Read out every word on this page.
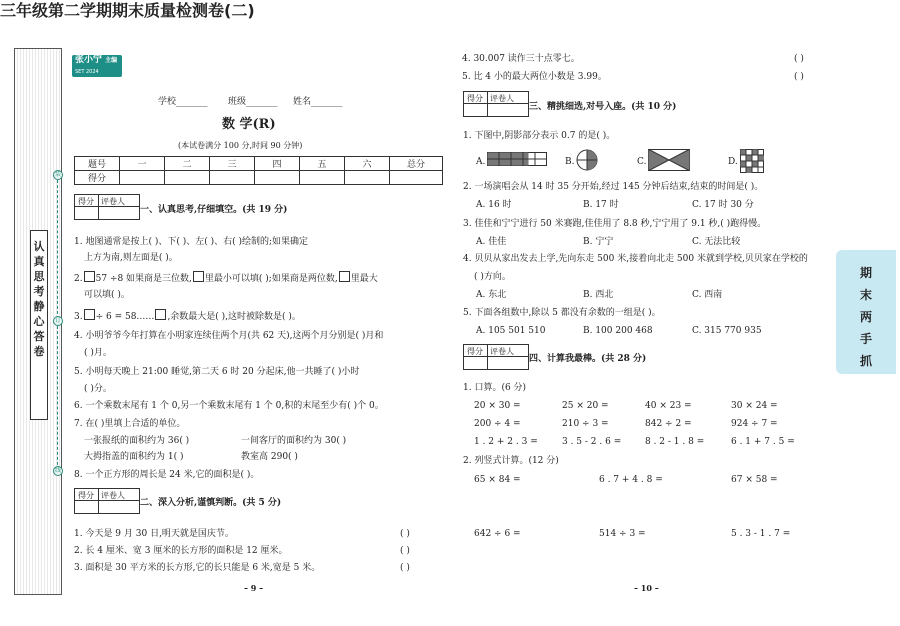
装
订
线
认真思考静心答卷
张小宁 主编
SET 2024
三年级第二学期期末质量检测卷(二)
学校_______ 班级_______ 姓名_______
数 学(R)
(本试卷满分 100 分,时间 90 分钟)
题号	一	二	三	四	五	六	总分
得分							
得分 评卷人
一、认真思考,仔细填空。(共 19 分)
1. 地图通常是按上( )、下( )、左( )、右( )绘制的;如果确定
上方为南,则左面是( )。
2. 57 ÷8 如果商是三位数, 里最小可以填( );如果商是两位数, 里最大
可以填( )。
3. ÷ 6 = 58…… ,余数最大是( ),这时被除数是( )。
4. 小明爷爷今年打算在小明家连续住两个月(共 62 天),这两个月分别是( )月和
( )月。
5. 小明每天晚上 21:00 睡觉,第二天 6 时 20 分起床,他一共睡了( )小时
( )分。
6. 一个乘数末尾有 1 个 0,另一个乘数末尾有 1 个 0,积的末尾至少有( )个 0。
7. 在( )里填上合适的单位。
一张报纸的面积约为 36( )	一间客厅的面积约为 30( )
大拇指盖的面积约为 1( )	教室高 290( )
8. 一个正方形的周长是 24 米,它的面积是( )。
得分 评卷人
二、深入分析,谨慎判断。(共 5 分)
1. 今天是 9 月 30 日,明天就是国庆节。	( )
2. 长 4 厘米、宽 3 厘米的长方形的面积是 12 厘米。	( )
3. 面积是 30 平方米的长方形,它的长只能是 6 米,宽是 5 米。	( )
– 9 –
4. 30.007 读作三十点零七。	( )
5. 比 4 小的最大两位小数是 3.99。	( )
得分 评卷人
三、精挑细选,对号入座。(共 10 分)
1. 下图中,阴影部分表示 0.7 的是( )。
A.	B.	C.	D.
2. 一场演唱会从 14 时 35 分开始,经过 145 分钟后结束,结束的时间是( )。
A. 16 时	B. 17 时	C. 17 时 30 分
3. 佳佳和宁宁进行 50 米赛跑,佳佳用了 8.8 秒,宁宁用了 9.1 秒,( )跑得慢。
A. 佳佳	B. 宁宁	C. 无法比较
4. 贝贝从家出发去上学,先向东走 500 米,接着向北走 500 米就到学校,贝贝家在学校的
( )方向。
A. 东北	B. 西北	C. 西南
5. 下面各组数中,除以 5 都没有余数的一组是( )。
A. 105 501 510	B. 100 200 468	C. 315 770 935
得分 评卷人
四、计算我最棒。(共 28 分)
1. 口算。(6 分)
20 × 30 =	25 × 20 =	40 × 23 =	30 × 24 =
200 ÷ 4 =	210 ÷ 3 =	842 ÷ 2 =	924 ÷ 7 =
1 . 2 + 2 . 3 =	3 . 5 - 2 . 6 =	8 . 2 - 1 . 8 =	6 . 1 + 7 . 5 =
2. 列竖式计算。(12 分)
65 × 84 =	6 . 7 + 4 . 8 =	67 × 58 =
642 ÷ 6 =	514 ÷ 3 =	5 . 3 - 1 . 7 =
– 10 –
期末两手抓
